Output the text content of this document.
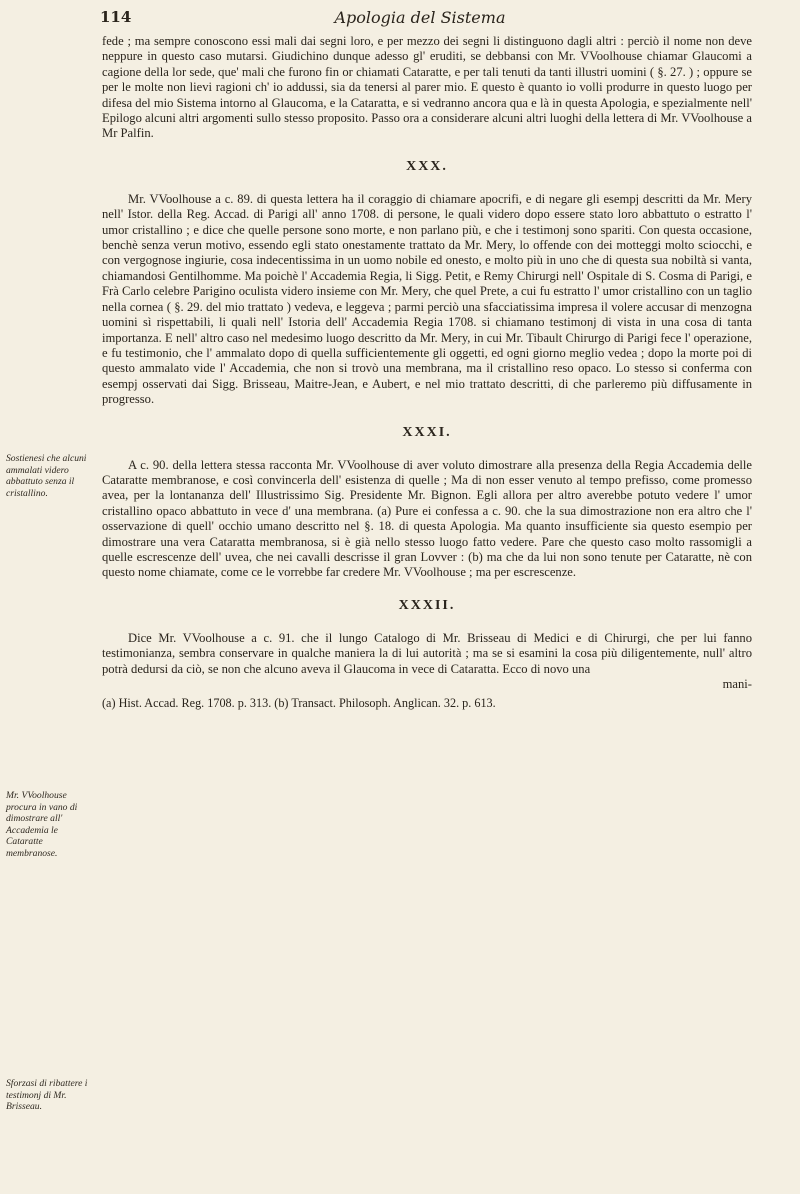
114	Apologia del Sistema
Sostienesi che alcuni ammalati videro abbattuto senza il cristallino.
Mr. VVoolhouse procura in vano di dimostrare all' Accademia le Cataratte membranose.
Sforzasi di ribattere i testimonj di Mr. Brisseau.

fede ; ma sempre conoscono essi mali dai segni loro, e per mezzo dei segni li distinguono dagli altri : perciò il nome non deve neppure in questo caso mutarsi. Giudichino dunque adesso gl' eruditi, se debbansi con Mr. VVoolhouse chiamar Glaucomi a cagione della lor sede, que' mali che furono fin or chiamati Cataratte, e per tali tenuti da tanti illustri uomini ( §. 27. ) ; oppure se per le molte non lievi ragioni ch' io addussi, sia da tenersi al parer mio. E questo è quanto io volli produrre in questo luogo per difesa del mio Sistema intorno al Glaucoma, e la Cataratta, e si vedranno ancora qua e là in questa Apologia, e spezialmente nell' Epilogo alcuni altri argomenti sullo stesso proposito. Passo ora a considerare alcuni altri luoghi della lettera di Mr. VVoolhouse a Mr Palfin.

XXX.

Mr. VVoolhouse a c. 89. di questa lettera ha il coraggio di chiamare apocrifi, e di negare gli esempj descritti da Mr. Mery nell' Istor. della Reg. Accad. di Parigi all' anno 1708. di persone, le quali videro dopo essere stato loro abbattuto o estratto l' umor cristallino ; e dice che quelle persone sono morte, e non parlano più, e che i testimonj sono spariti. Con questa occasione, benchè senza verun motivo, essendo egli stato onestamente trattato da Mr. Mery, lo offende con dei motteggi molto sciocchi, e con vergognose ingiurie, cosa indecentissima in un uomo nobile ed onesto, e molto più in uno che di questa sua nobiltà si vanta, chiamandosi Gentilhomme. Ma poichè l' Accademia Regia, li Sigg. Petit, e Remy Chirurgi nell' Ospitale di S. Cosma di Parigi, e Frà Carlo celebre Parigino oculista videro insieme con Mr. Mery, che quel Prete, a cui fu estratto l' umor cristallino con un taglio nella cornea ( §. 29. del mio trattato ) vedeva, e leggeva ; parmi perciò una sfacciatissima impresa il volere accusar di menzogna uomini sì rispettabili, li quali nell' Istoria dell' Accademia Regia 1708. si chiamano testimonj di vista in una cosa di tanta importanza. E nell' altro caso nel medesimo luogo descritto da Mr. Mery, in cui Mr. Tibault Chirurgo di Parigi fece l' operazione, e fu testimonio, che l' ammalato dopo di quella sufficientemente gli oggetti, ed ogni giorno meglio vedea ; dopo la morte poi di questo ammalato vide l' Accademia, che non si trovò una membrana, ma il cristallino reso opaco. Lo stesso si conferma con esempj osservati dai Sigg. Brisseau, Maitre-Jean, e Aubert, e nel mio trattato descritti, di che parleremo più diffusamente in progresso.

XXXI.

A c. 90. della lettera stessa racconta Mr. VVoolhouse di aver voluto dimostrare alla presenza della Regia Accademia delle Cataratte membranose, e così convincerla dell' esistenza di quelle ; Ma di non esser venuto al tempo prefisso, come promesso avea, per la lontananza dell' Illustrissimo Sig. Presidente Mr. Bignon. Egli allora per altro averebbe potuto vedere l' umor cristallino opaco abbattuto in vece d' una membrana. (a) Pure ei confessa a c. 90. che la sua dimostrazione non era altro che l' osservazione di quell' occhio umano descritto nel §. 18. di questa Apologia. Ma quanto insufficiente sia questo esempio per dimostrare una vera Cataratta membranosa, si è già nello stesso luogo fatto vedere. Pare che questo caso molto rassomigli a quelle escrescenze dell' uvea, che nei cavalli descrisse il gran Lovver : (b) ma che da lui non sono tenute per Cataratte, nè con questo nome chiamate, come ce le vorrebbe far credere Mr. VVoolhouse ; ma per escrescenze.

XXXII.

Dice Mr. VVoolhouse a c. 91. che il lungo Catalogo di Mr. Brisseau di Medici e di Chirurgi, che per lui fanno testimonianza, sembra conservare in qualche maniera la di lui autorità ; ma se si esamini la cosa più diligentemente, null' altro potrà dedursi da ciò, se non che alcuno aveva il Glaucoma in vece di Cataratta. Ecco di novo una

mani-

(a) Hist. Accad. Reg. 1708. p. 313. (b) Transact. Philosoph. Anglican. 32. p. 613.
